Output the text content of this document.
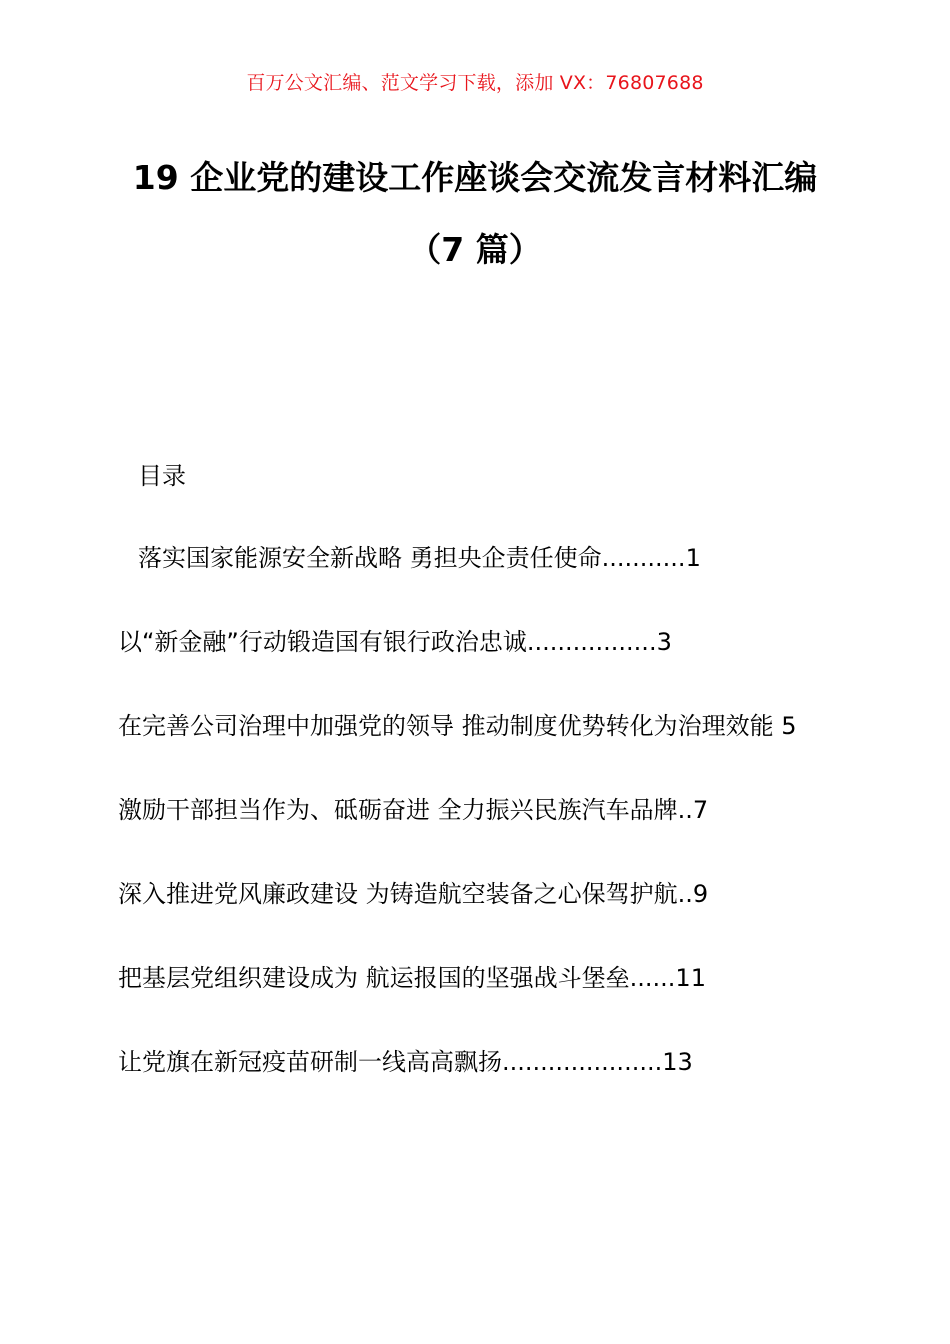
百万公文汇编、范文学习下载，添加 VX：76807688
19 企业党的建设工作座谈会交流发言材料汇编
（7 篇）
目录
落实国家能源安全新战略 勇担央企责任使命...........1
以“新金融”行动锻造国有银行政治忠诚.................3
在完善公司治理中加强党的领导 推动制度优势转化为治理效能 5
激励干部担当作为、砥砺奋进 全力振兴民族汽车品牌..7
深入推进党风廉政建设 为铸造航空装备之心保驾护航..9
把基层党组织建设成为 航运报国的坚强战斗堡垒......11
让党旗在新冠疫苗研制一线高高飘扬.....................13
